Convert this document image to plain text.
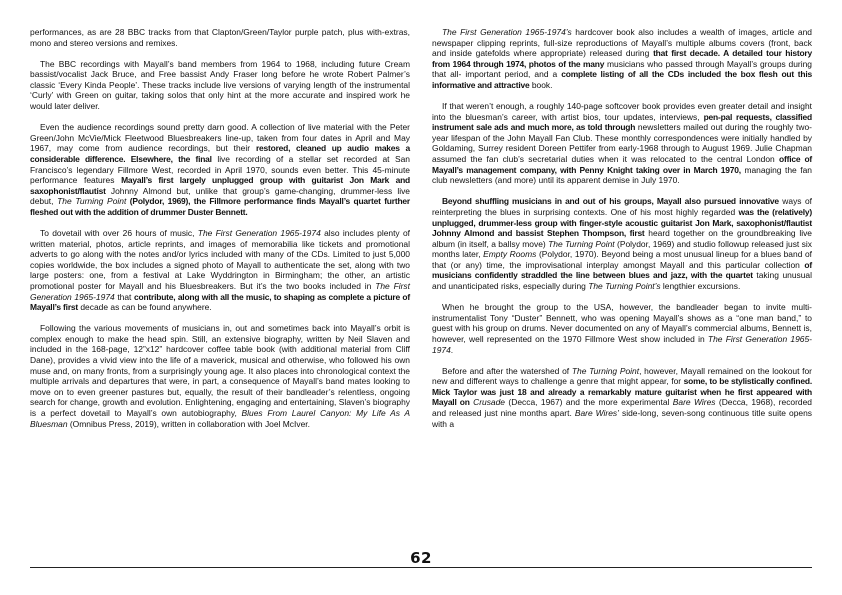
performances, as are 28 BBC tracks from that Clapton/Green/Taylor purple patch, plus with-extras, mono and stereo versions and remixes.

The BBC recordings with Mayall’s band members from 1964 to 1968, including future Cream bassist/vocalist Jack Bruce, and Free bassist Andy Fraser long before he wrote Robert Palmer’s classic ‘Every Kinda People’. These tracks include live versions of varying length of the instrumental ‘Curly’ with Green on guitar, taking solos that only hint at the more accurate and inspired work he would later deliver.

Even the audience recordings sound pretty darn good. A collection of live material with the Peter Green/John McVie/Mick Fleetwood Bluesbreakers line-up, taken from four dates in April and May 1967, may come from audience recordings, but their restored, cleaned up audio makes a considerable difference. Elsewhere, the final live recording of a stellar set recorded at San Francisco’s legendary Fillmore West, recorded in April 1970, sounds even better. This 45-minute performance features Mayall’s first largely unplugged group with guitarist Jon Mark and saxophonist/flautist Johnny Almond but, unlike that group’s game-changing, drummer-less live debut, The Turning Point (Polydor, 1969), the Fillmore performance finds Mayall’s quartet further fleshed out with the addition of drummer Duster Bennett.

To dovetail with over 26 hours of music, The First Generation 1965-1974 also includes plenty of written material, photos, article reprints, and images of memorabilia like tickets and promotional adverts to go along with the notes and/or lyrics included with many of the CDs. Limited to just 5,000 copies worldwide, the box includes a signed photo of Mayall to authenticate the set, along with two large posters: one, from a festival at Lake Wyddrington in Birmingham; the other, an artistic promotional poster for Mayall and his Bluesbreakers. But it’s the two books included in The First Generation 1965-1974 that contribute, along with all the music, to shaping as complete a picture of Mayall’s first decade as can be found anywhere.

Following the various movements of musicians in, out and sometimes back into Mayall’s orbit is complex enough to make the head spin. Still, an extensive biography, written by Neil Slaven and included in the 168-page, 12”x12” hardcover coffee table book (with additional material from Cliff Dane), provides a vivid view into the life of a maverick, musical and otherwise, who followed his own muse and, on many fronts, from a surprisingly young age. It also places into chronological context the multiple arrivals and departures that were, in part, a consequence of Mayall’s band mates looking to move on to even greener pastures but, equally, the result of their bandleader’s relentless, ongoing search for change, growth and evolution. Enlightening, engaging and entertaining, Slaven’s biography is a perfect dovetail to Mayall’s own autobiography, Blues From Laurel Canyon: My Life As A Bluesman (Omnibus Press, 2019), written in collaboration with Joel McIver.

The First Generation 1965-1974’s hardcover book also includes a wealth of images, article and newspaper clipping reprints, full-size reproductions of Mayall’s multiple albums covers (front, back and inside gatefolds where appropriate) released during that first decade. A detailed tour history from 1964 through 1974, photos of the many musicians who passed through Mayall’s groups during that all- important period, and a complete listing of all the CDs included the box flesh out this informative and attractive book.

If that weren’t enough, a roughly 140-page softcover book provides even greater detail and insight into the bluesman’s career, with artist bios, tour updates, interviews, pen-pal requests, classified instrument sale ads and much more, as told through newsletters mailed out during the roughly two-year lifespan of the John Mayall Fan Club. These monthly correspondences were initially handled by Goldaming, Surrey resident Doreen Pettifer from early-1968 through to August 1969. Julie Chapman assumed the fan club’s secretarial duties when it was relocated to the central London office of Mayall’s management company, with Penny Knight taking over in March 1970, managing the fan club newsletters (and more) until its apparent demise in July 1970.

Beyond shuffling musicians in and out of his groups, Mayall also pursued innovative ways of reinterpreting the blues in surprising contexts. One of his most highly regarded was the (relatively) unplugged, drummer-less group with finger-style acoustic guitarist Jon Mark, saxophonist/flautist Johnny Almond and bassist Stephen Thompson, first heard together on the groundbreaking live album (in itself, a ballsy move) The Turning Point (Polydor, 1969) and studio followup released just six months later, Empty Rooms (Polydor, 1970). Beyond being a most unusual lineup for a blues band of that (or any) time, the improvisational interplay amongst Mayall and this particular collection of musicians confidently straddled the line between blues and jazz, with the quartet taking unusual and unanticipated risks, especially during The Turning Point’s lengthier excursions.

When he brought the group to the USA, however, the bandleader began to invite multi-instrumentalist Tony “Duster” Bennett, who was opening Mayall’s shows as a “one man band,” to guest with his group on drums. Never documented on any of Mayall’s commercial albums, Bennett is, however, well represented on the 1970 Fillmore West show included in The First Generation 1965-1974.

Before and after the watershed of The Turning Point, however, Mayall remained on the lookout for new and different ways to challenge a genre that might appear, for some, to be stylistically confined. Mick Taylor was just 18 and already a remarkably mature guitarist when he first appeared with Mayall on Crusade (Decca, 1967) and the more experimental Bare Wires (Decca, 1968), recorded and released just nine months apart. Bare Wires’ side-long, seven-song continuous title suite opens with a

62
